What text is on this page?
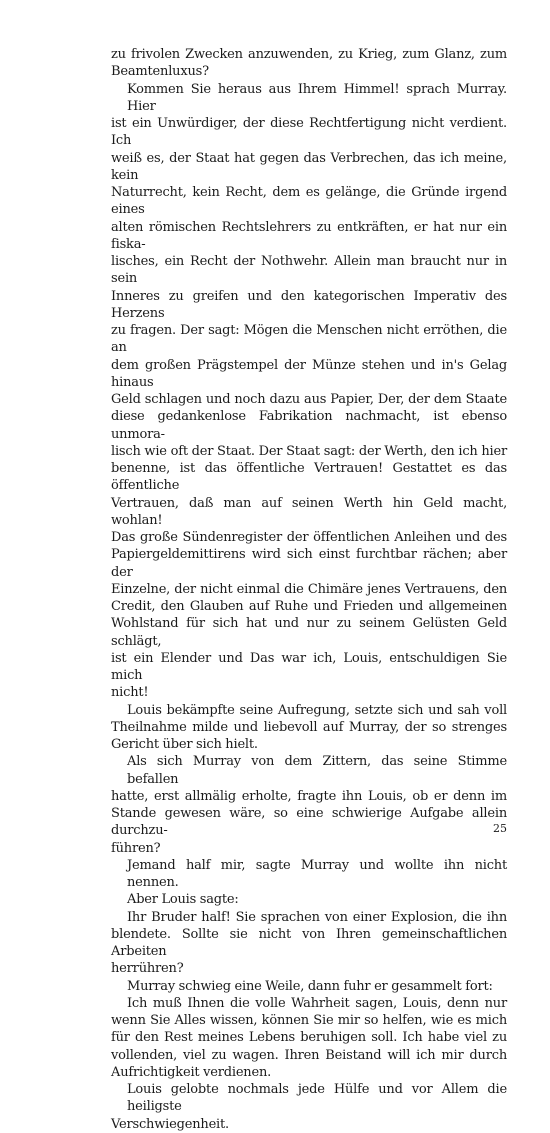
zu frivolen Zwecken anzuwenden, zu Krieg, zum Glanz, zum
Beamtenluxus?
Kommen Sie heraus aus Ihrem Himmel! sprach Murray. Hier
ist ein Unwürdiger, der diese Rechtfertigung nicht verdient. Ich
weiß es, der Staat hat gegen das Verbrechen, das ich meine, kein
Naturrecht, kein Recht, dem es gelänge, die Gründe irgend eines
alten römischen Rechtslehrers zu entkräften, er hat nur ein fiska-
lisches, ein Recht der Nothwehr. Allein man braucht nur in sein
Inneres zu greifen und den kategorischen Imperativ des Herzens
zu fragen. Der sagt: Mögen die Menschen nicht erröthen, die an
dem großen Prägstempel der Münze stehen und in's Gelag hinaus
Geld schlagen und noch dazu aus Papier, Der, der dem Staate
diese gedankenlose Fabrikation nachmacht, ist ebenso unmora-
lisch wie oft der Staat. Der Staat sagt: der Werth, den ich hier
benenne, ist das öffentliche Vertrauen! Gestattet es das öffentliche
Vertrauen, daß man auf seinen Werth hin Geld macht, wohlan!
Das große Sündenregister der öffentlichen Anleihen und des
Papiergeldemittirens wird sich einst furchtbar rächen; aber der
Einzelne, der nicht einmal die Chimäre jenes Vertrauens, den
Credit, den Glauben auf Ruhe und Frieden und allgemeinen
Wohlstand für sich hat und nur zu seinem Gelüsten Geld schlägt,
ist ein Elender und Das war ich, Louis, entschuldigen Sie mich
nicht!
Louis bekämpfte seine Aufregung, setzte sich und sah voll
Theilnahme milde und liebevoll auf Murray, der so strenges
Gericht über sich hielt.
Als sich Murray von dem Zittern, das seine Stimme befallen
hatte, erst allmälig erholte, fragte ihn Louis, ob er denn im
Stande gewesen wäre, so eine schwierige Aufgabe allein durchzu-
führen?
Jemand half mir, sagte Murray und wollte ihn nicht nennen.
Aber Louis sagte:
Ihr Bruder half! Sie sprachen von einer Explosion, die ihn
blendete. Sollte sie nicht von Ihren gemeinschaftlichen Arbeiten
herrühren?
Murray schwieg eine Weile, dann fuhr er gesammelt fort:
Ich muß Ihnen die volle Wahrheit sagen, Louis, denn nur
wenn Sie Alles wissen, können Sie mir so helfen, wie es mich
für den Rest meines Lebens beruhigen soll. Ich habe viel zu
vollenden, viel zu wagen. Ihren Beistand will ich mir durch
Aufrichtigkeit verdienen.
Louis gelobte nochmals jede Hülfe und vor Allem die heiligste
Verschwiegenheit.
25
